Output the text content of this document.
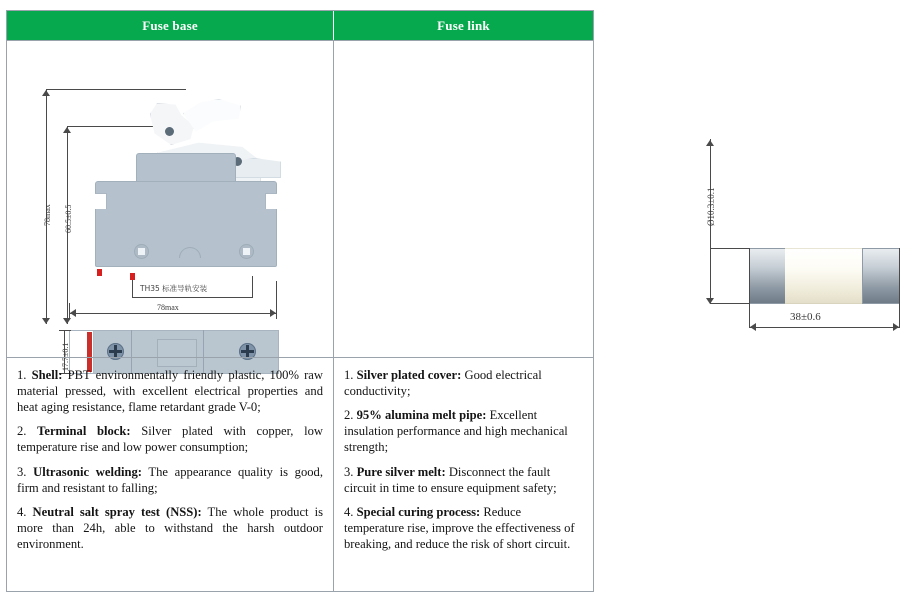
Fuse base	Fuse link
78max 60.5±0.5
TH35 标准导轨安装
78max
17.7±0.1
Ø10.3±0.1
38±0.6

1. Shell: PBT environmentally friendly plastic, 100% raw material pressed, with excellent electrical properties and heat aging resistance, flame retardant grade V-0;

2. Terminal block: Silver plated with copper, low temperature rise and low power consumption;

3. Ultrasonic welding: The appearance quality is good, firm and resistant to falling;

4. Neutral salt spray test (NSS): The whole product is more than 24h, able to withstand the harsh outdoor environment.

1. Silver plated cover: Good electrical conductivity;

2. 95% alumina melt pipe: Excellent insulation performance and high mechanical strength;

3. Pure silver melt: Disconnect the fault circuit in time to ensure equipment safety;

4. Special curing process: Reduce temperature rise, improve the effectiveness of breaking, and reduce the risk of short circuit.
